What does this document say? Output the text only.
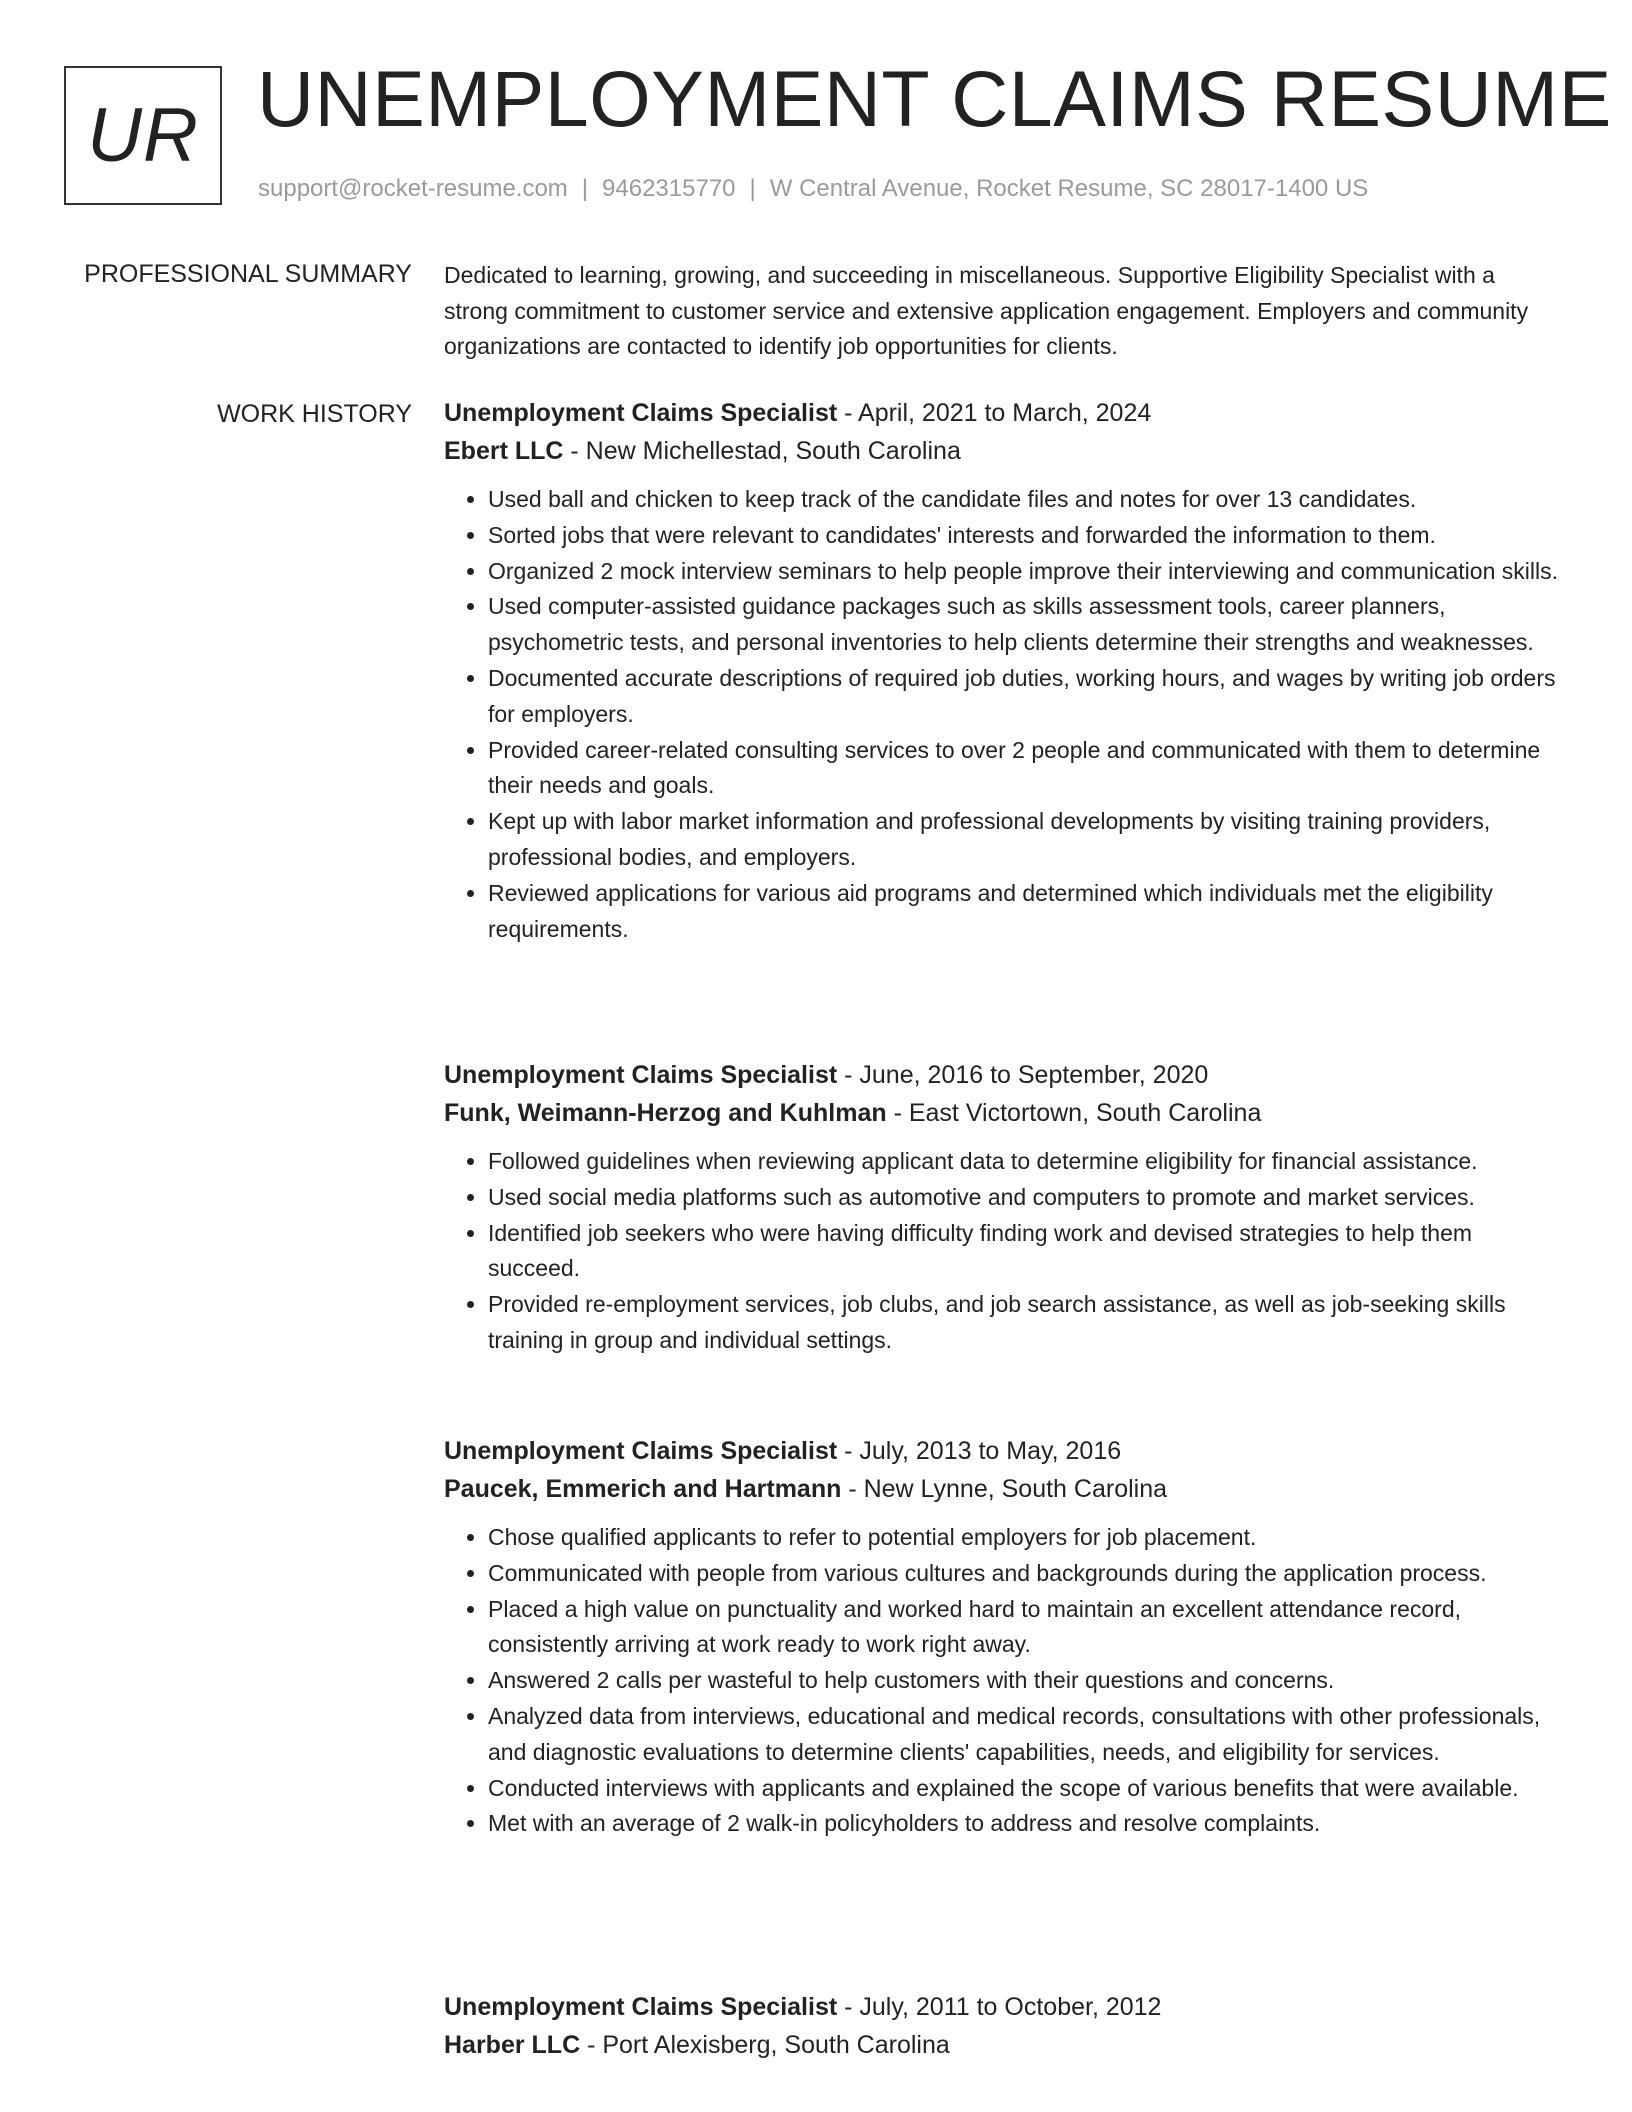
UR UNEMPLOYMENT CLAIMS RESUME
support@rocket-resume.com | 9462315770 | W Central Avenue, Rocket Resume, SC 28017-1400 US
PROFESSIONAL SUMMARY Dedicated to learning, growing, and succeeding in miscellaneous. Supportive Eligibility Specialist with a strong commitment to customer service and extensive application engagement. Employers and community organizations are contacted to identify job opportunities for clients.

WORK HISTORY Unemployment Claims Specialist - April, 2021 to March, 2024
Ebert LLC - New Michellestad, South Carolina
• Used ball and chicken to keep track of the candidate files and notes for over 13 candidates.
• Sorted jobs that were relevant to candidates' interests and forwarded the information to them.
• Organized 2 mock interview seminars to help people improve their interviewing and communication skills.
• Used computer-assisted guidance packages such as skills assessment tools, career planners, psychometric tests, and personal inventories to help clients determine their strengths and weaknesses.
• Documented accurate descriptions of required job duties, working hours, and wages by writing job orders for employers.
• Provided career-related consulting services to over 2 people and communicated with them to determine their needs and goals.
• Kept up with labor market information and professional developments by visiting training providers, professional bodies, and employers.
• Reviewed applications for various aid programs and determined which individuals met the eligibility requirements.
Unemployment Claims Specialist - June, 2016 to September, 2020
Funk, Weimann-Herzog and Kuhlman - East Victortown, South Carolina
• Followed guidelines when reviewing applicant data to determine eligibility for financial assistance.
• Used social media platforms such as automotive and computers to promote and market services.
• Identified job seekers who were having difficulty finding work and devised strategies to help them succeed.
• Provided re-employment services, job clubs, and job search assistance, as well as job-seeking skills training in group and individual settings.
Unemployment Claims Specialist - July, 2013 to May, 2016
Paucek, Emmerich and Hartmann - New Lynne, South Carolina
• Chose qualified applicants to refer to potential employers for job placement.
• Communicated with people from various cultures and backgrounds during the application process.
• Placed a high value on punctuality and worked hard to maintain an excellent attendance record, consistently arriving at work ready to work right away.
• Answered 2 calls per wasteful to help customers with their questions and concerns.
• Analyzed data from interviews, educational and medical records, consultations with other professionals, and diagnostic evaluations to determine clients' capabilities, needs, and eligibility for services.
• Conducted interviews with applicants and explained the scope of various benefits that were available.
• Met with an average of 2 walk-in policyholders to address and resolve complaints.
Unemployment Claims Specialist - July, 2011 to October, 2012
Harber LLC - Port Alexisberg, South Carolina
